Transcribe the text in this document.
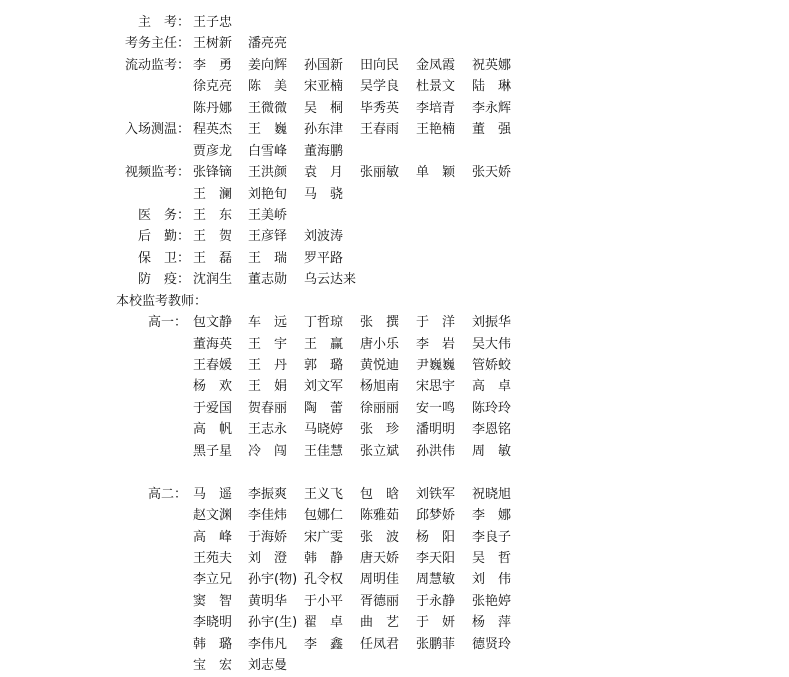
主　考： 王子忠
考务主任： 王树新 潘亮亮
流动监考： 李　勇 姜向辉 孙国新 田向民 金凤霞 祝英娜
徐克亮 陈　美 宋亚楠 吴学良 杜景文 陆　琳
陈丹娜 王微微 吴　桐 毕秀英 李培青 李永辉
入场测温： 程英杰 王　巍 孙东津 王春雨 王艳楠 董　强
贾彦龙 白雪峰 董海鹏
视频监考： 张锋镝 王洪颜 袁　月 张丽敏 单　颖 张天娇
王　澜 刘艳旬 马　骁
医　务： 王　东 王美峤
后　勤： 王　贺 王彦铎 刘波涛
保　卫： 王　磊 王　瑞 罗平路
防　疫： 沈润生 董志勋 乌云达来
本校监考教师：
高一： 包文静 车　远 丁哲琼 张　撰 于　洋 刘振华
董海英 王　宇 王　赢 唐小乐 李　岩 吴大伟
王春媛 王　丹 郭　璐 黄悦迪 尹巍巍 管娇蛟
杨　欢 王　娟 刘文军 杨旭南 宋思宇 高　卓
于爱国 贺春丽 陶　蕾 徐丽丽 安一鸣 陈玲玲
高　帆 王志永 马晓婷 张　珍 潘明明 李恩铭
黑子星 冷　闯 王佳慧 张立斌 孙洪伟 周　敏
高二： 马　遥 李振爽 王义飞 包　晗 刘铁军 祝晓旭
赵文渊 李佳炜 包娜仁 陈雅茹 邱梦娇 李　娜
高　峰 于海娇 宋广雯 张　波 杨　阳 李良子
王苑夫 刘　澄 韩　静 唐天娇 李天阳 吴　哲
李立兄 孙宇(物) 孔令权 周明佳 周慧敏 刘　伟
窦　智 黄明华 于小平 胥德丽 于永静 张艳婷
李晓明 孙宇(生) 翟　卓 曲　艺 于　妍 杨　萍
韩　璐 李伟凡 李　鑫 任凤君 张鹏菲 德贤玲
宝　宏 刘志曼
